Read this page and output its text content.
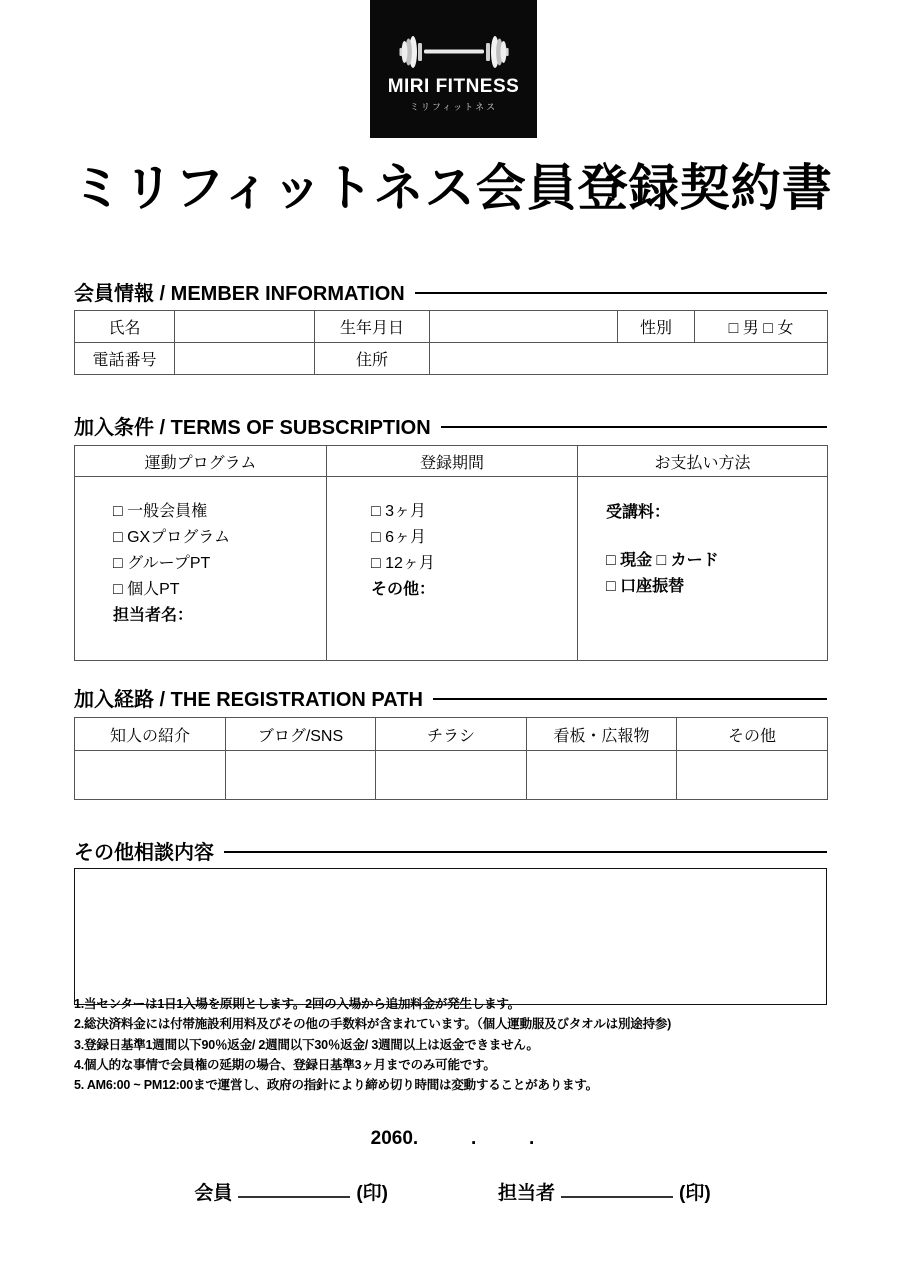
MIRI FITNESS
ミリフィットネス
ミリフィットネス会員登録契約書
会員情報 / MEMBER INFORMATION
氏名		生年月日		性別	□ 男 □ 女
電話番号		住所			
加入条件 / TERMS OF SUBSCRIPTION
運動プログラム	登録期間	お支払い方法

□ 一般会員権
□ GXプログラム
□ グループPT
□ 個人PT
担当者名：

□ 3ヶ月
□ 6ヶ月
□ 12ヶ月
その他：

受講料：
□ 現金 □ カード
□ 口座振替
加入経路 / THE REGISTRATION PATH
知人の紹介	ブログ/SNS	チラシ	看板・広報物	その他

その他相談内容
1.当センターは1日1入場を原則とします。2回の入場から追加料金が発生します。
2.総決済料金には付帯施設利用料及びその他の手数料が含まれています。（個人運動服及びタオルは別途持参)
3.登録日基準1週間以下90％返金/ 2週間以下30％返金/ 3週間以上は返金できません。
4.個人的な事情で会員権の延期の場合、登録日基準3ヶ月までのみ可能です。
5. AM6:00 ~ PM12:00まで運営し、政府の指針により締め切り時間は変動することがあります。
2060.          .          .
会員	(印)	担当者	(印)
